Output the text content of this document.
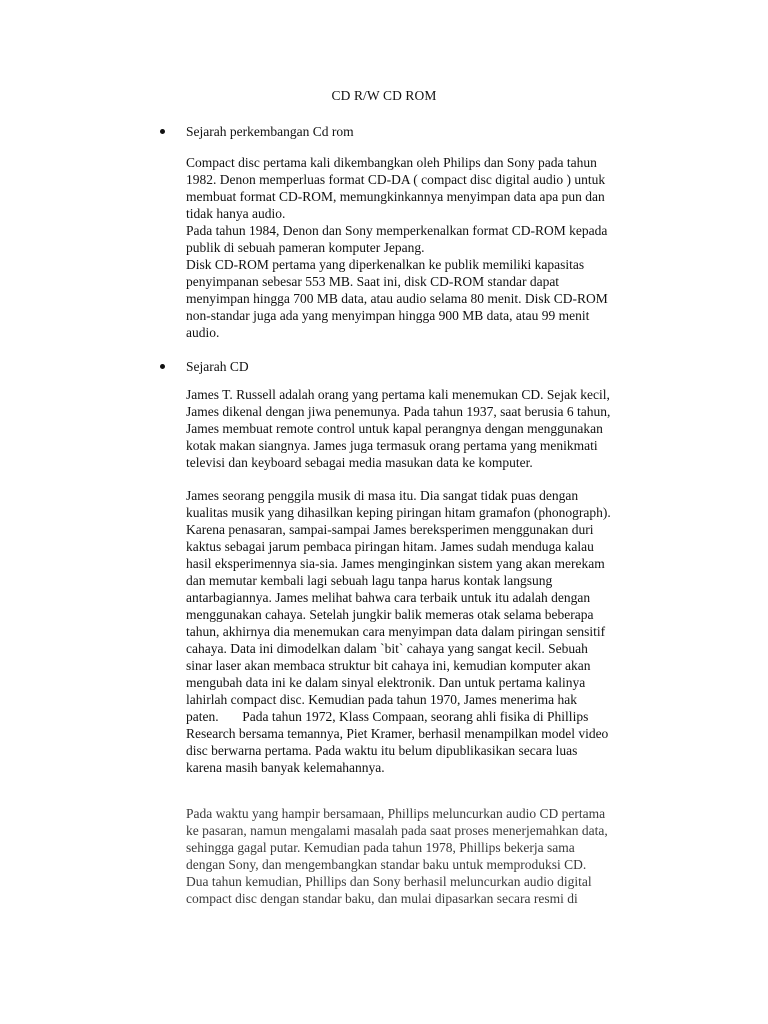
CD R/W CD ROM
Sejarah perkembangan Cd rom
Compact disc pertama kali dikembangkan oleh Philips dan Sony pada tahun
1982. Denon memperluas format CD-DA ( compact disc digital audio ) untuk
membuat format CD-ROM, memungkinkannya menyimpan data apa pun dan
tidak hanya audio.
Pada tahun 1984, Denon dan Sony memperkenalkan format CD-ROM kepada
publik di sebuah pameran komputer Jepang.
Disk CD-ROM pertama yang diperkenalkan ke publik memiliki kapasitas
penyimpanan sebesar 553 MB. Saat ini, disk CD-ROM standar dapat
menyimpan hingga 700 MB data, atau audio selama 80 menit. Disk CD-ROM
non-standar juga ada yang menyimpan hingga 900 MB data, atau 99 menit
audio.
Sejarah CD
James T. Russell adalah orang yang pertama kali menemukan CD. Sejak kecil,
James dikenal dengan jiwa penemunya. Pada tahun 1937, saat berusia 6 tahun,
James membuat remote control untuk kapal perangnya dengan menggunakan
kotak makan siangnya. James juga termasuk orang pertama yang menikmati
televisi dan keyboard sebagai media masukan data ke komputer.
James seorang penggila musik di masa itu. Dia sangat tidak puas dengan
kualitas musik yang dihasilkan keping piringan hitam gramafon (phonograph).
Karena penasaran, sampai-sampai James bereksperimen menggunakan duri
kaktus sebagai jarum pembaca piringan hitam. James sudah menduga kalau
hasil eksperimennya sia-sia. James menginginkan sistem yang akan merekam
dan memutar kembali lagi sebuah lagu tanpa harus kontak langsung
antarbagiannya. James melihat bahwa cara terbaik untuk itu adalah dengan
menggunakan cahaya. Setelah jungkir balik memeras otak selama beberapa
tahun, akhirnya dia menemukan cara menyimpan data dalam piringan sensitif
cahaya. Data ini dimodelkan dalam `bit` cahaya yang sangat kecil. Sebuah
sinar laser akan membaca struktur bit cahaya ini, kemudian komputer akan
mengubah data ini ke dalam sinyal elektronik. Dan untuk pertama kalinya
lahirlah compact disc. Kemudian pada tahun 1970, James menerima hak
paten.       Pada tahun 1972, Klass Compaan, seorang ahli fisika di Phillips
Research bersama temannya, Piet Kramer, berhasil menampilkan model video
disc berwarna pertama. Pada waktu itu belum dipublikasikan secara luas
karena masih banyak kelemahannya.
Pada waktu yang hampir bersamaan, Phillips meluncurkan audio CD pertama
ke pasaran, namun mengalami masalah pada saat proses menerjemahkan data,
sehingga gagal putar. Kemudian pada tahun 1978, Phillips bekerja sama
dengan Sony, dan mengembangkan standar baku untuk memproduksi CD.
Dua tahun kemudian, Phillips dan Sony berhasil meluncurkan audio digital
compact disc dengan standar baku, dan mulai dipasarkan secara resmi di
